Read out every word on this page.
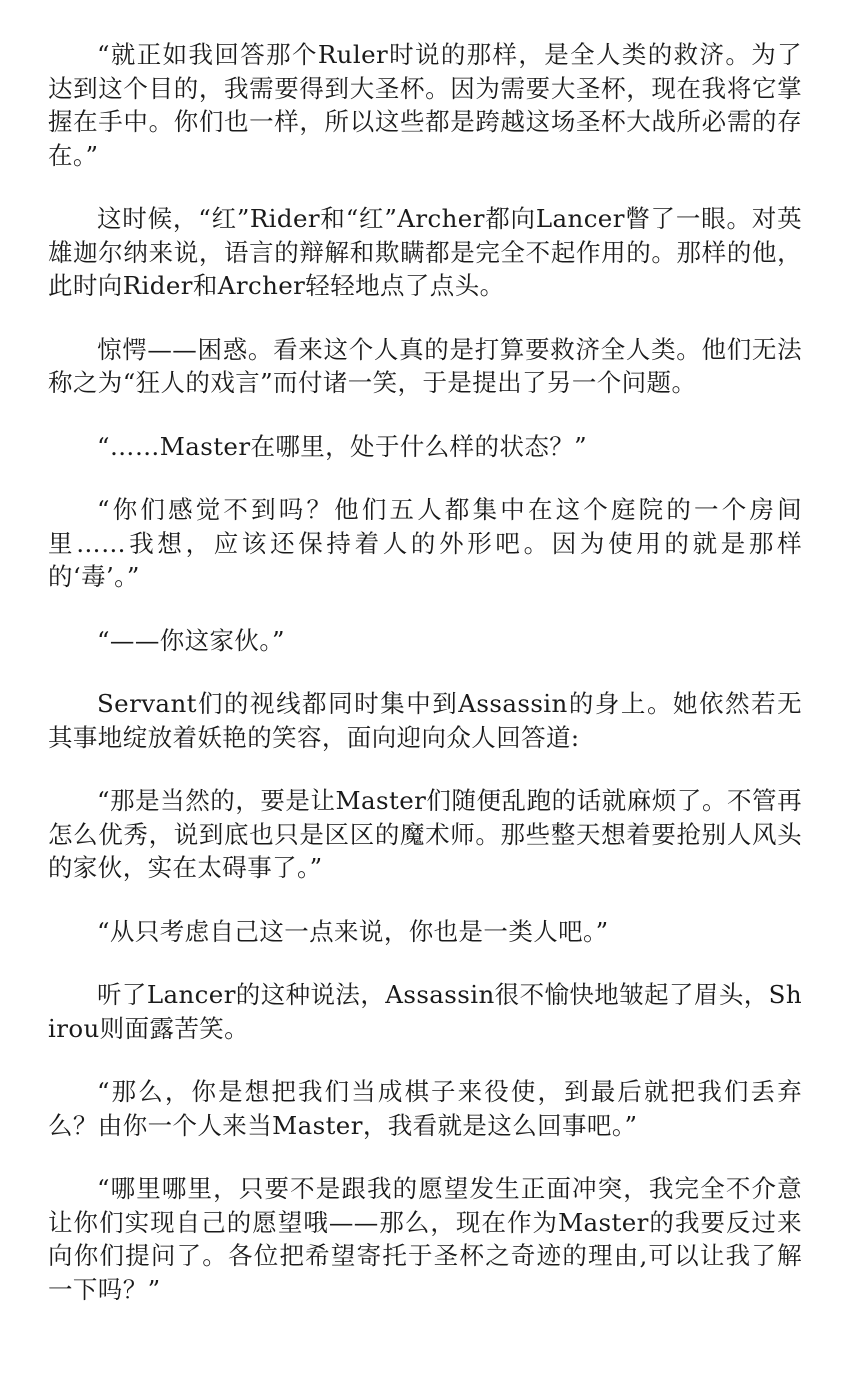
“就正如我回答那个Ruler时说的那样，是全人类的救济。为了达到这个目的，我需要得到大圣杯。因为需要大圣杯，现在我将它掌握在手中。你们也一样，所以这些都是跨越这场圣杯大战所必需的存在。”

这时候，“红”Rider和“红”Archer都向Lancer瞥了一眼。对英雄迦尔纳来说，语言的辩解和欺瞒都是完全不起作用的。那样的他，此时向Rider和Archer轻轻地点了点头。

惊愕——困惑。看来这个人真的是打算要救济全人类。他们无法称之为“狂人的戏言”而付诸一笑，于是提出了另一个问题。

“……Master在哪里，处于什么样的状态？”

“你们感觉不到吗？他们五人都集中在这个庭院的一个房间里……我想，应该还保持着人的外形吧。因为使用的就是那样的‘毒’。”

“——你这家伙。”

Servant们的视线都同时集中到Assassin的身上。她依然若无其事地绽放着妖艳的笑容，面向迎向众人回答道:

“那是当然的，要是让Master们随便乱跑的话就麻烦了。不管再怎么优秀，说到底也只是区区的魔术师。那些整天想着要抢别人风头的家伙，实在太碍事了。”

“从只考虑自己这一点来说，你也是一类人吧。”

听了Lancer的这种说法，Assassin很不愉快地皱起了眉头，Shirou则面露苦笑。

“那么，你是想把我们当成棋子来役使，到最后就把我们丢弃么？由你一个人来当Master，我看就是这么回事吧。”

“哪里哪里，只要不是跟我的愿望发生正面冲突，我完全不介意让你们实现自己的愿望哦——那么，现在作为Master的我要反过来向你们提问了。各位把希望寄托于圣杯之奇迹的理由,可以让我了解一下吗？”
